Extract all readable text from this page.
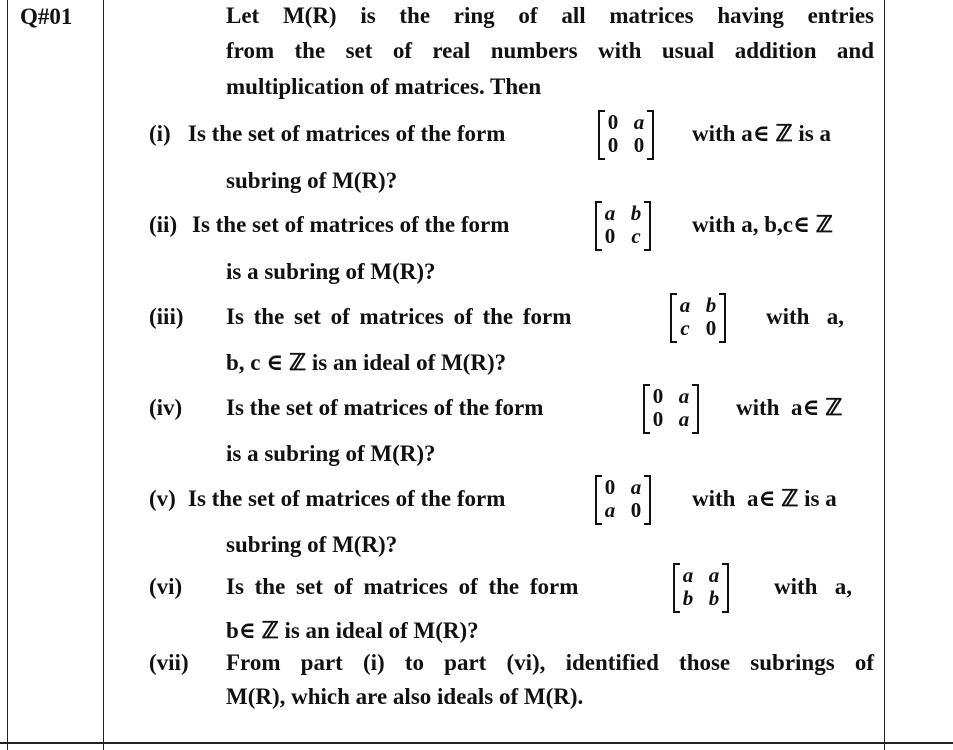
Q#01	Let M(R) is the ring of all matrices having entries
from the set of real numbers with usual addition and
multiplication of matrices. Then
(i) Is the set of matrices of the form	0 a
0 0 with a∈ ℤ is a
subring of M(R)?
(ii) Is the set of matrices of the form	a b
0 c with a, b,c∈ ℤ
is a subring of M(R)?
(iii) Is the set of matrices of the form	a b
c 0 with   a,
b, c ∈ ℤ is an ideal of M(R)?
(iv) Is the set of matrices of the form	0 a
0 a with  a∈ ℤ
is a subring of M(R)?
(v) Is the set of matrices of the form	0 a
a 0 with  a∈ ℤ is a
subring of M(R)?
(vi) Is the set of matrices of the form	a a
b b with   a,
b∈ ℤ is an ideal of M(R)?
(vii) From part (i) to part (vi), identified those subrings of
M(R), which are also ideals of M(R).
